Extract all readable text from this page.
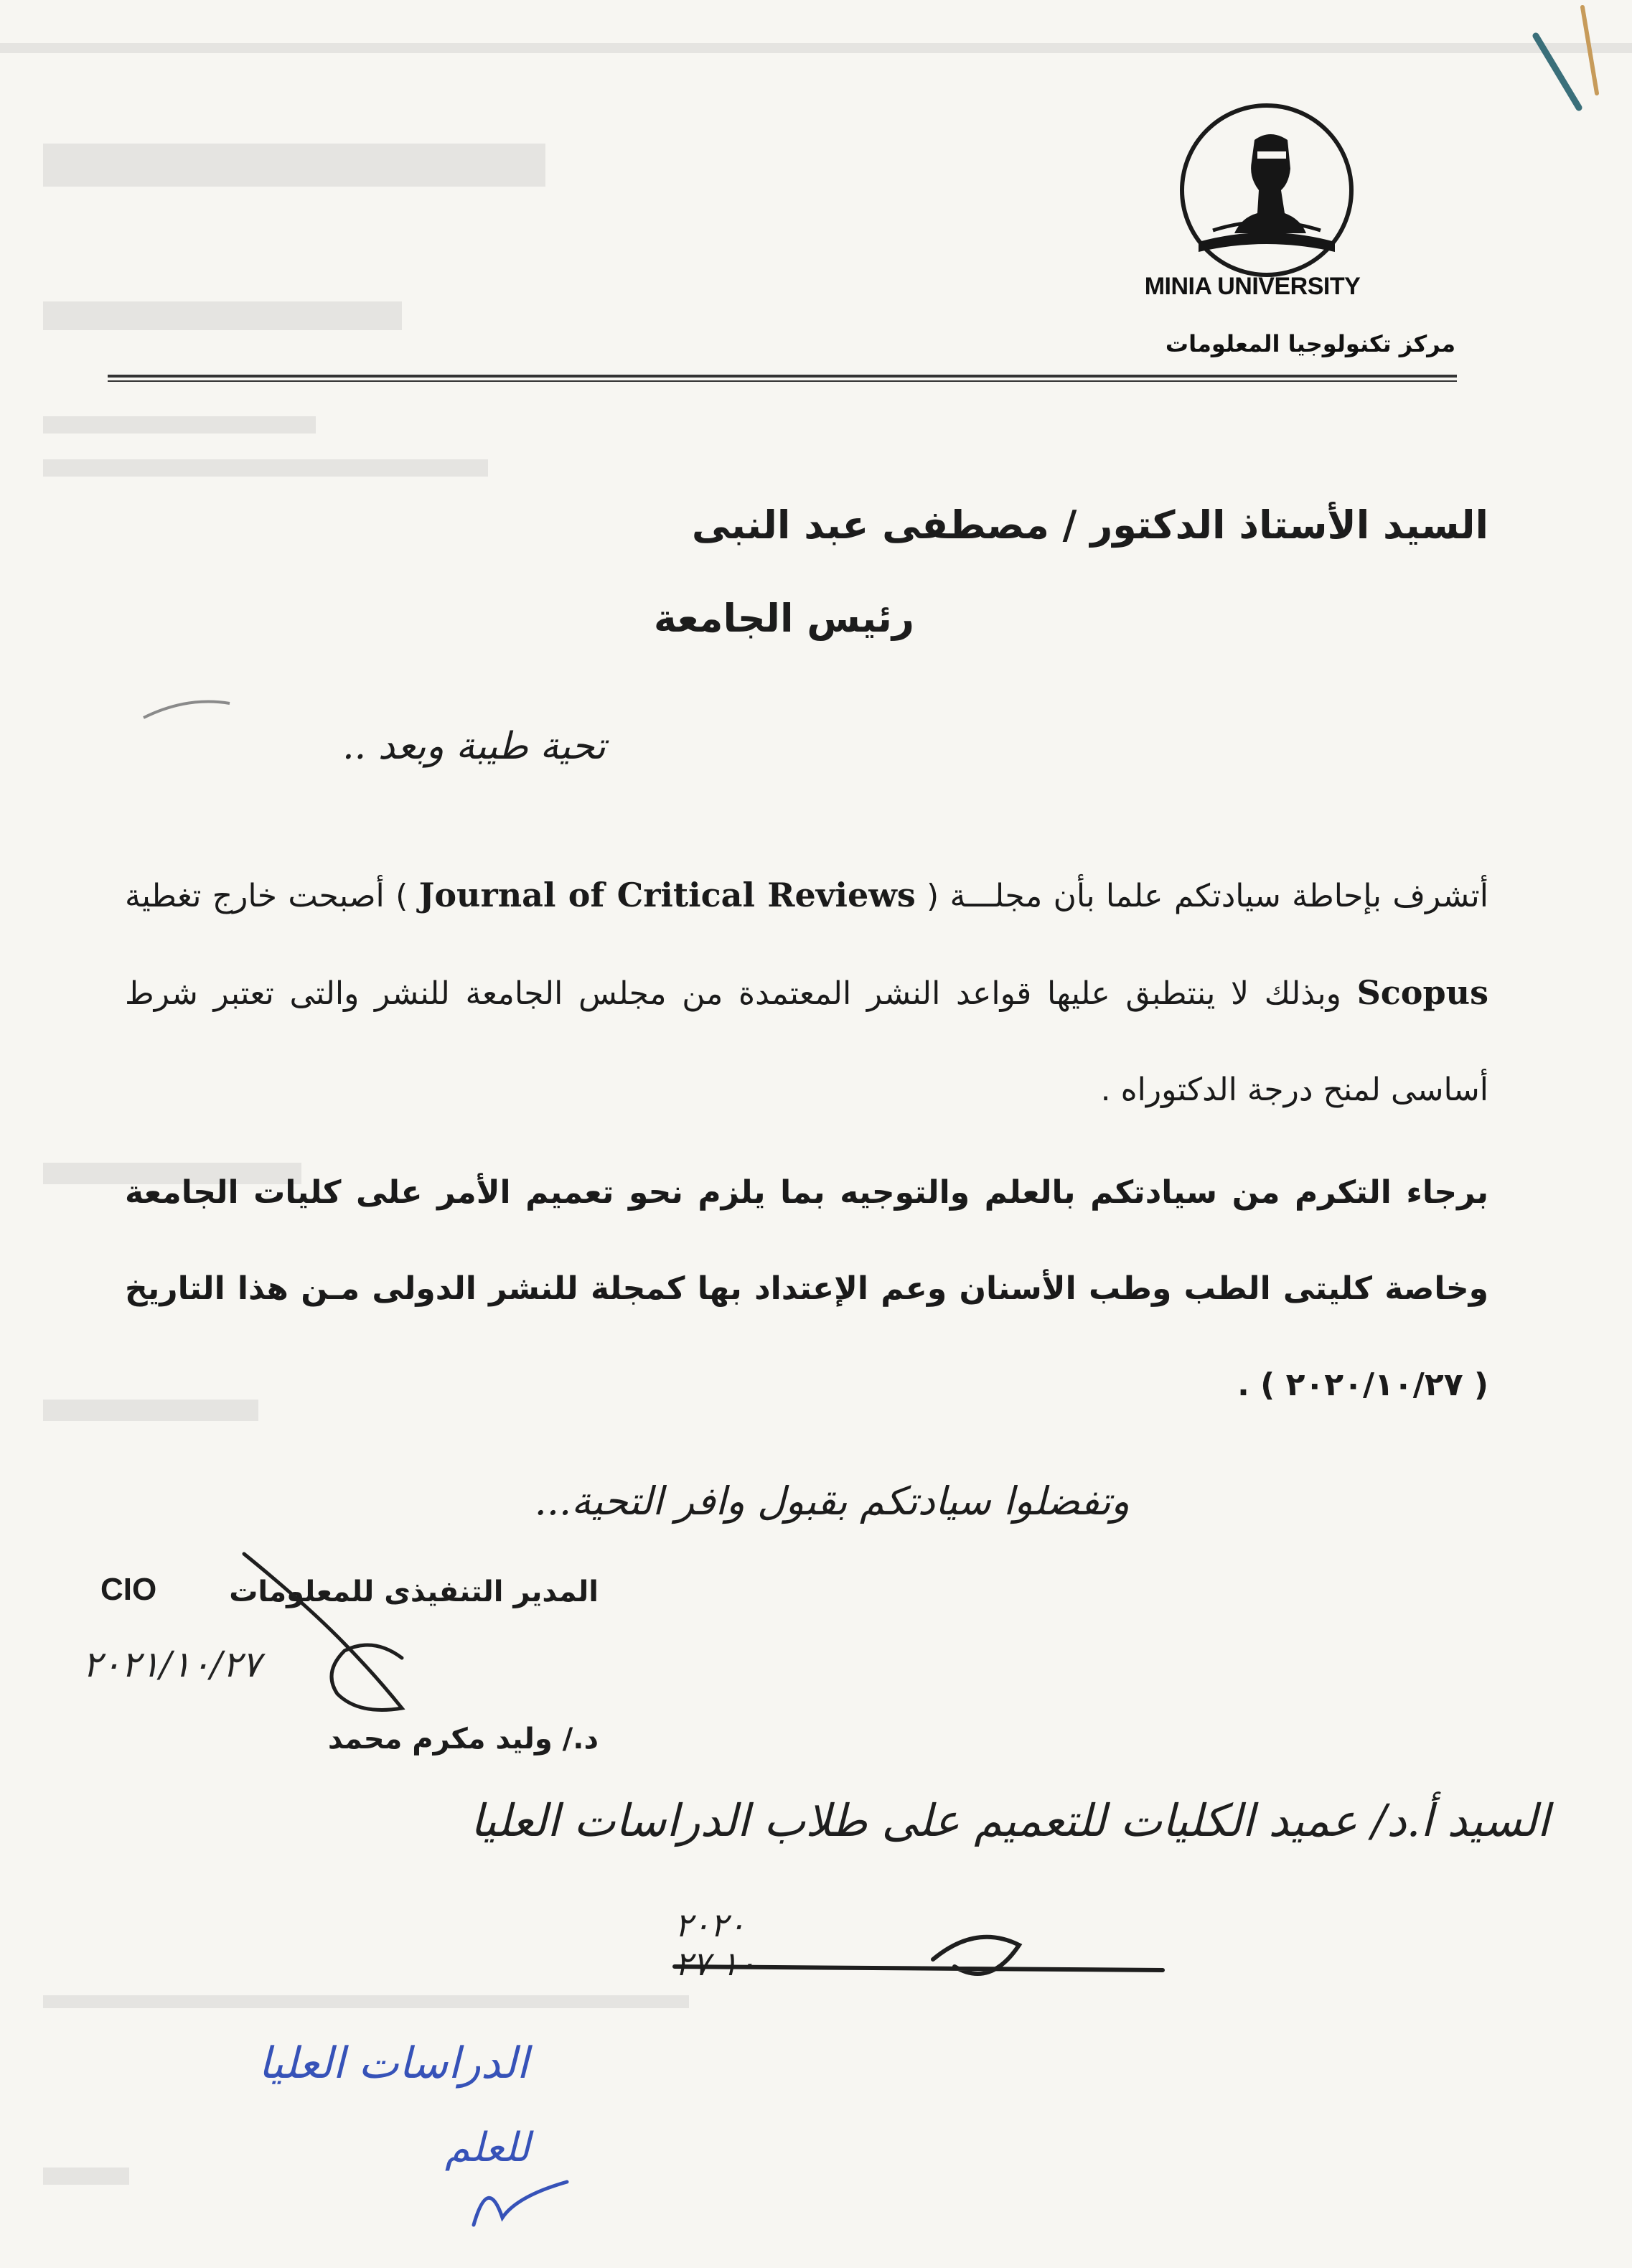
MINIA UNIVERSITY
مركز تكنولوجيا المعلومات
السيد الأستاذ الدكتور / مصطفى عبد النبى
رئيس الجامعة
تحية طيبة وبعد ..
أتشرف بإحاطة سيادتكم علما بأن مجلـــة ( Journal of Critical Reviews ) أصبحت خارج تغطية Scopus وبذلك لا ينتطبق عليها قواعد النشر المعتمدة من مجلس الجامعة للنشر والتى تعتبر شرط أساسى لمنح درجة الدكتوراه .
برجاء التكرم من سيادتكم بالعلم والتوجيه بما يلزم نحو تعميم الأمر على كليات الجامعة وخاصة كليتى الطب وطب الأسنان وعم الإعتداد بها كمجلة للنشر الدولى مـن هذا التاريخ ( ٢٠٢٠/١٠/٢٧ ) .
وتفضلوا سيادتكم بقبول وافر التحية...
المدير التنفيذى للمعلومات
CIO
٢٠٢١/١٠/٢٧
د./ وليد مكرم محمد
السيد أ.د/ عميد الكليات للتعميم على طلاب الدراسات العليا
٢٠٢٠
١٠ ٢٧
الدراسات العليا
للعلم
